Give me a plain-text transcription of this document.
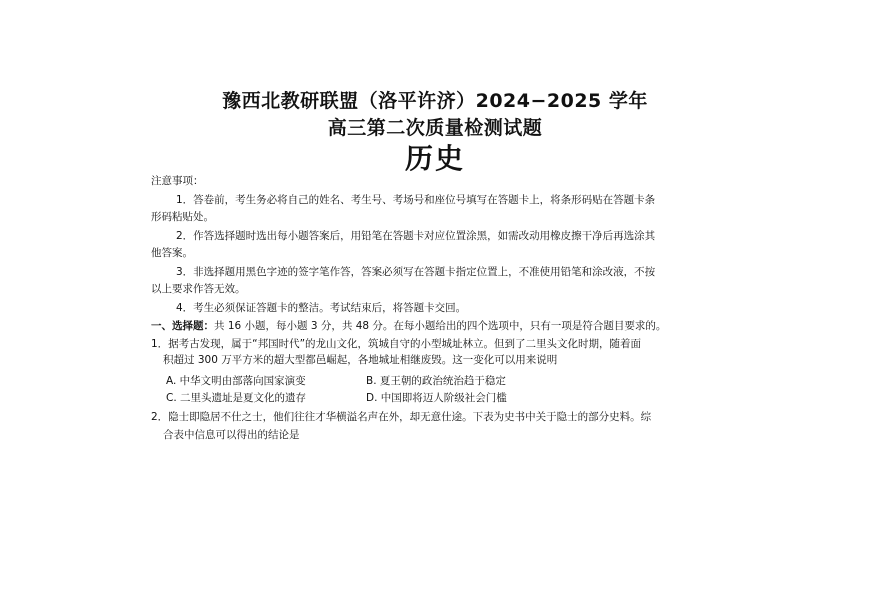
豫西北教研联盟（洛平许济）2024−2025 学年

高三第二次质量检测试题

历史

注意事项：

1．答卷前，考生务必将自己的姓名、考生号、考场号和座位号填写在答题卡上，将条形码贴在答题卡条

形码粘贴处。

2．作答选择题时选出每小题答案后，用铅笔在答题卡对应位置涂黑，如需改动用橡皮擦干净后再选涂其

他答案。

3．非选择题用黑色字迹的签字笔作答，答案必须写在答题卡指定位置上，不准使用铅笔和涂改液，不按

以上要求作答无效。

4．考生必须保证答题卡的整洁。考试结束后，将答题卡交回。

一、选择题：共 16 小题，每小题 3 分，共 48 分。在每小题给出的四个选项中，只有一项是符合题目要求的。

1．据考古发现，属于“邦国时代”的龙山文化，筑城自守的小型城址林立。但到了二里头文化时期，随着面

积超过 300 万平方米的超大型都邑崛起，各地城址相继废毁。这一变化可以用来说明

A. 中华文明由部落向国家演变	B. 夏王朝的政治统治趋于稳定

C. 二里头遗址是夏文化的遗存	D. 中国即将迈人阶级社会门槛

2．隐士即隐居不仕之士，他们往往才华横溢名声在外，却无意仕途。下表为史书中关于隐士的部分史料。综

合表中信息可以得出的结论是
